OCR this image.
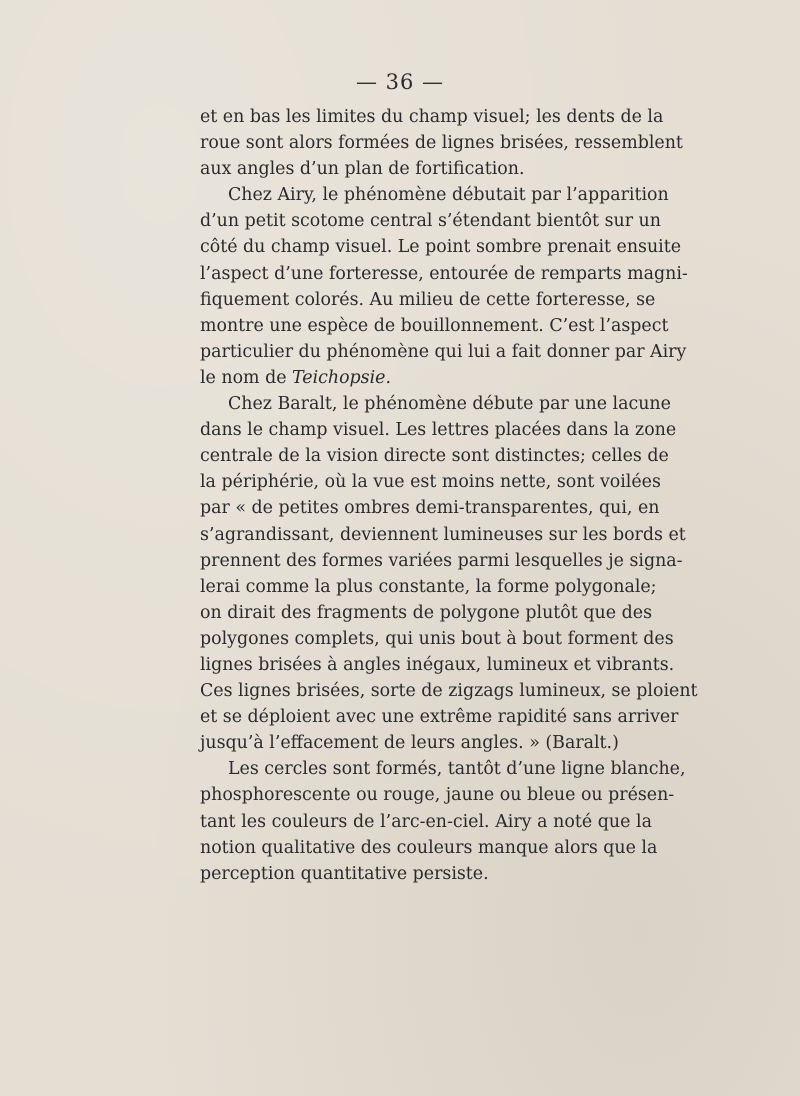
— 36 —
et en bas les limites du champ visuel; les dents de la
roue sont alors formées de lignes brisées, ressemblent
aux angles d’un plan de fortification.
Chez Airy, le phénomène débutait par l’apparition
d’un petit scotome central s’étendant bientôt sur un
côté du champ visuel. Le point sombre prenait ensuite
l’aspect d’une forteresse, entourée de remparts magni-
fiquement colorés. Au milieu de cette forteresse, se
montre une espèce de bouillonnement. C’est l’aspect
particulier du phénomène qui lui a fait donner par Airy
le nom de Teichopsie.
Chez Baralt, le phénomène débute par une lacune
dans le champ visuel. Les lettres placées dans la zone
centrale de la vision directe sont distinctes; celles de
la périphérie, où la vue est moins nette, sont voilées
par « de petites ombres demi-transparentes, qui, en
s’agrandissant, deviennent lumineuses sur les bords et
prennent des formes variées parmi lesquelles je signa-
lerai comme la plus constante, la forme polygonale;
on dirait des fragments de polygone plutôt que des
polygones complets, qui unis bout à bout forment des
lignes brisées à angles inégaux, lumineux et vibrants.
Ces lignes brisées, sorte de zigzags lumineux, se ploient
et se déploient avec une extrême rapidité sans arriver
jusqu’à l’effacement de leurs angles. » (Baralt.)
Les cercles sont formés, tantôt d’une ligne blanche,
phosphorescente ou rouge, jaune ou bleue ou présen-
tant les couleurs de l’arc-en-ciel. Airy a noté que la
notion qualitative des couleurs manque alors que la
perception quantitative persiste.
